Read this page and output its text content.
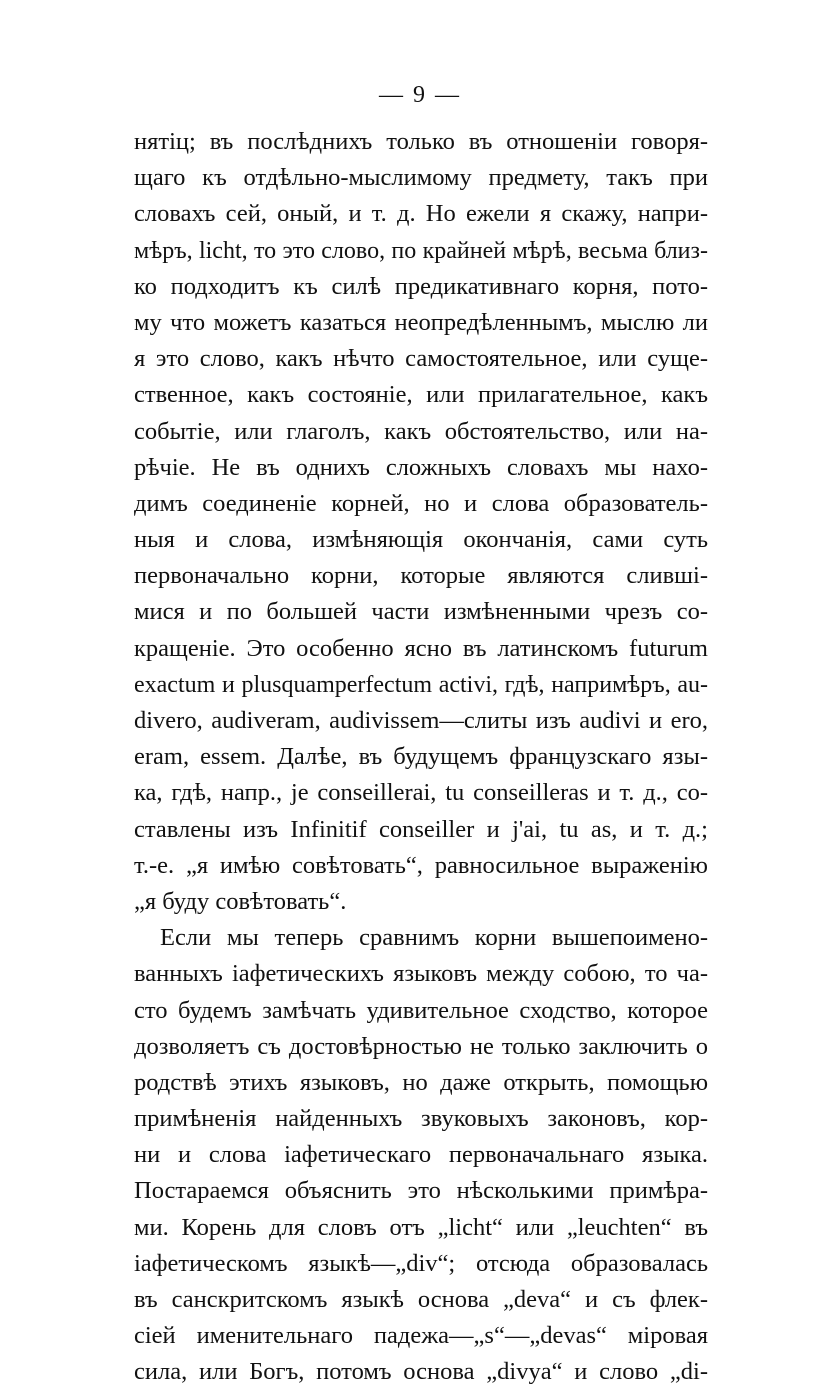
— 9 —
нятiц; въ послѣднихъ только въ отношенiи говоря-
щаго къ отдѣльно-мыслимому предмету, такъ при
словахъ сей, оный, и т. д. Но ежели я скажу, напри-
мѣръ, licht, то это слово, по крайней мѣрѣ, весьма близ-
ко подходитъ къ силѣ предикативнаго корня, пото-
му что можетъ казаться неопредѣленнымъ, мыслю ли
я это слово, какъ нѣчто самостоятельное, или суще-
ственное, какъ состоянiе, или прилагательное, какъ
событiе, или глаголъ, какъ обстоятельство, или на-
рѣчiе. Не въ однихъ сложныхъ словахъ мы нахо-
димъ соединенiе корней, но и слова образователь-
ныя и слова, измѣняющiя окончанiя, сами суть
первоначально корни, которые являются слившi-
мися и по большей части измѣненными чрезъ со-
кращенiе. Это особенно ясно въ латинскомъ futurum
exactum и plusquamperfectum activi, гдѣ, напримѣръ, au-
divero, audiveram, audivissem—слиты изъ audivi и ero,
eram, essem. Далѣе, въ будущемъ французскаго язы-
ка, гдѣ, напр., je conseillerai, tu conseilleras и т. д., со-
ставлены изъ Infinitif conseiller и j'ai, tu as, и т. д.;
т.-е. „я имѣю совѣтовать“, равносильное выраженiю
„я буду совѣтовать“.
Если мы теперь сравнимъ корни вышепоимено-
ванныхъ iафетическихъ языковъ между собою, то ча-
сто будемъ замѣчать удивительное сходство, которое
дозволяетъ съ достовѣрностью не только заключить о
родствѣ этихъ языковъ, но даже открыть, помощью
примѣненiя найденныхъ звуковыхъ законовъ, кор-
ни и слова iафетическаго первоначальнаго языка.
Постараемся объяснить это нѣсколькими примѣра-
ми. Корень для словъ отъ „licht“ или „leuchten“ въ
iафетическомъ языкѣ—„div“; отсюда образовалась
въ санскритскомъ языкѣ основа „deva“ и съ флек-
сiей именительнаго падежа—„s“—„devas“ мiровая
сила, или Богъ, потомъ основа „divya“ и слово „di-
